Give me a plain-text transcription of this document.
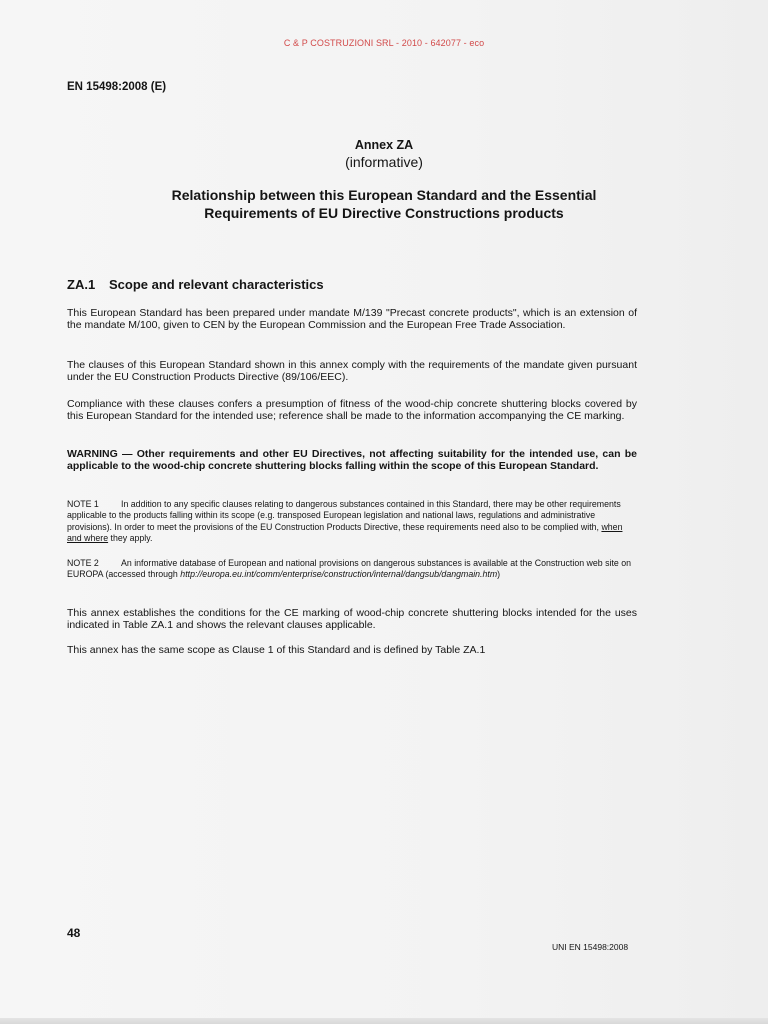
C & P COSTRUZIONI SRL - 2010 - 642077 - eco
EN 15498:2008 (E)
Annex ZA
(informative)
Relationship between this European Standard and the Essential
Requirements of EU Directive Constructions products
ZA.1 Scope and relevant characteristics
This European Standard has been prepared under mandate M/139 "Precast concrete products", which is an extension of the mandate M/100, given to CEN by the European Commission and the European Free Trade Association.
The clauses of this European Standard shown in this annex comply with the requirements of the mandate given pursuant under the EU Construction Products Directive (89/106/EEC).
Compliance with these clauses confers a presumption of fitness of the wood-chip concrete shuttering blocks covered by this European Standard for the intended use; reference shall be made to the information accompanying the CE marking.
WARNING — Other requirements and other EU Directives, not affecting suitability for the intended use, can be applicable to the wood-chip concrete shuttering blocks falling within the scope of this European Standard.
NOTE 1	In addition to any specific clauses relating to dangerous substances contained in this Standard, there may be other requirements applicable to the products falling within its scope (e.g. transposed European legislation and national laws, regulations and administrative provisions). In order to meet the provisions of the EU Construction Products Directive, these requirements need also to be complied with, when and where they apply.
NOTE 2	An informative database of European and national provisions on dangerous substances is available at the Construction web site on EUROPA (accessed through http://europa.eu.int/comm/enterprise/construction/internal/dangsub/dangmain.htm)
This annex establishes the conditions for the CE marking of wood-chip concrete shuttering blocks intended for the uses indicated in Table ZA.1 and shows the relevant clauses applicable.
This annex has the same scope as Clause 1 of this Standard and is defined by Table ZA.1
48
UNI EN 15498:2008
